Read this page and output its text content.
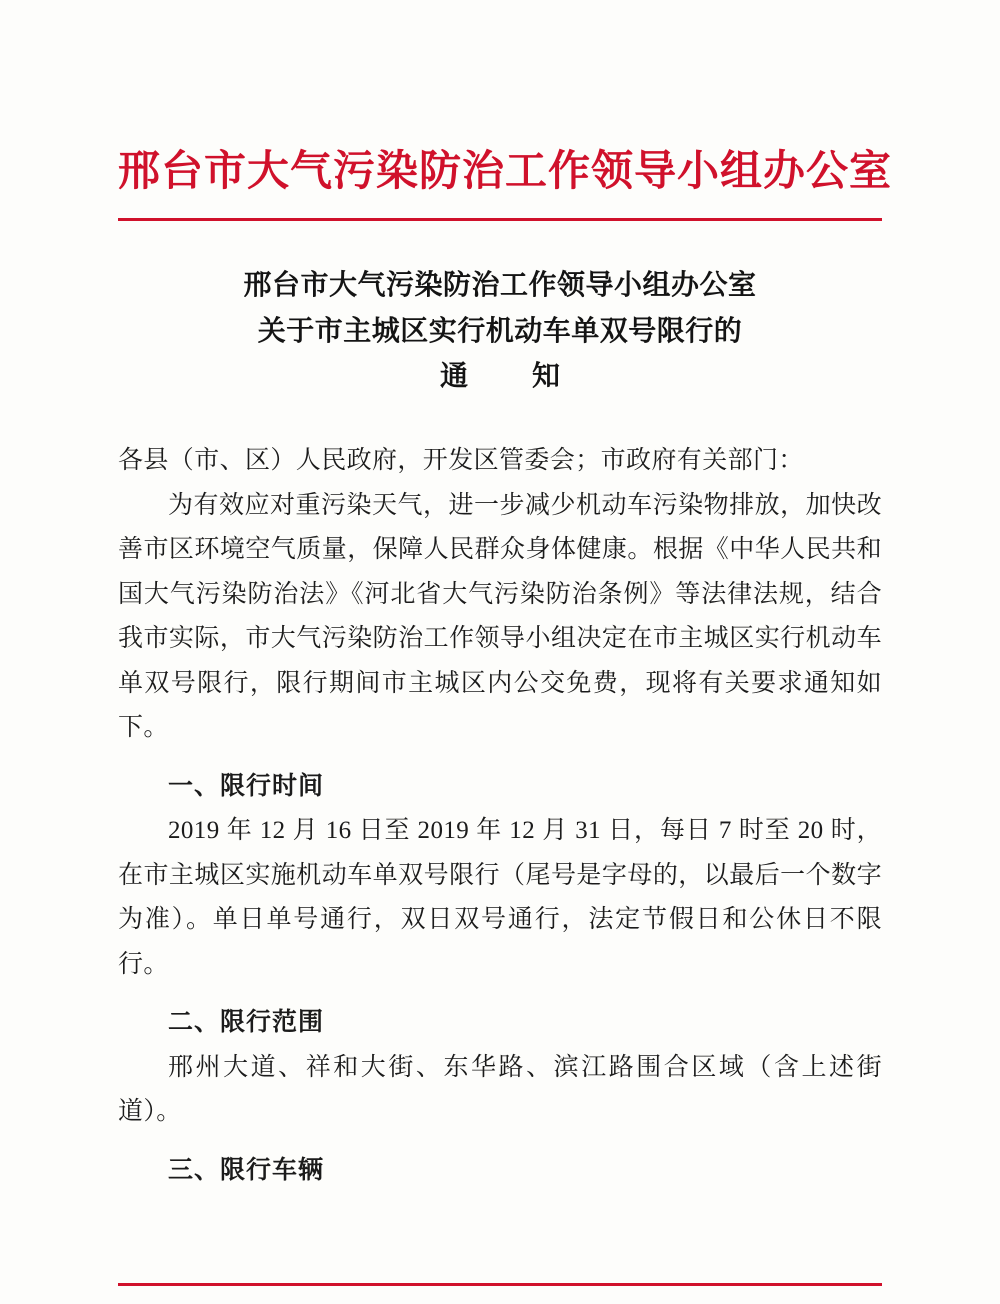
邢台市大气污染防治工作领导小组办公室
邢台市大气污染防治工作领导小组办公室
关于市主城区实行机动车单双号限行的
通　知

各县（市、区）人民政府，开发区管委会；市政府有关部门：

为有效应对重污染天气，进一步减少机动车污染物排放，加快改善市区环境空气质量，保障人民群众身体健康。根据《中华人民共和国大气污染防治法》《河北省大气污染防治条例》等法律法规，结合我市实际，市大气污染防治工作领导小组决定在市主城区实行机动车单双号限行，限行期间市主城区内公交免费，现将有关要求通知如下。

一、限行时间

2019 年 12 月 16 日至 2019 年 12 月 31 日，每日 7 时至 20 时，在市主城区实施机动车单双号限行（尾号是字母的，以最后一个数字为准）。单日单号通行，双日双号通行，法定节假日和公休日不限行。

二、限行范围

邢州大道、祥和大街、东华路、滨江路围合区域（含上述街道）。

三、限行车辆
